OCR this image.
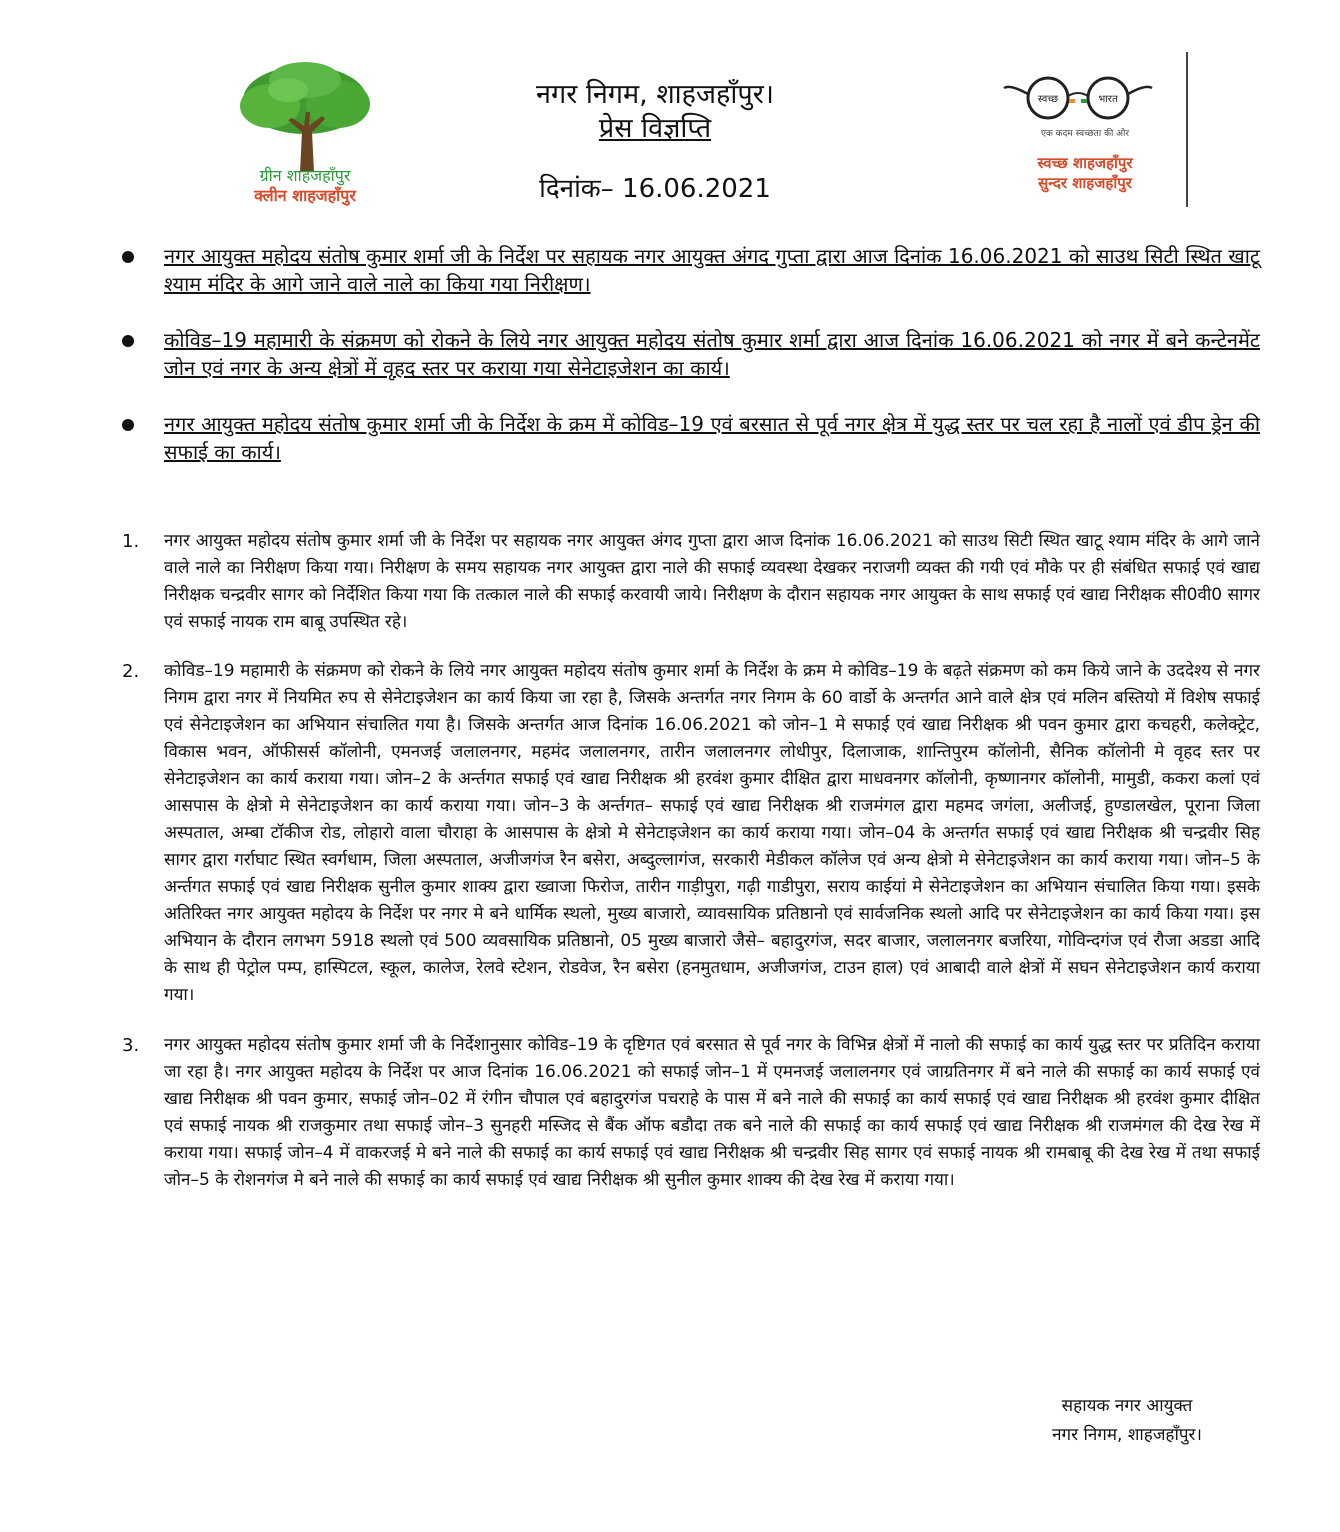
ग्रीन शाहजहाँपुर
क्लीन शाहजहाँपुर
नगर निगम, शाहजहाँपुर।
प्रेस विज्ञप्ति
दिनांक– 16.06.2021
स्वच्छ	भारत
एक कदम स्वच्छता की ओर
स्वच्छ शाहजहाँपुर
सुन्दर शाहजहाँपुर
नगर आयुक्त महोदय संतोष कुमार शर्मा जी के निर्देश पर सहायक नगर आयुक्त अंगद गुप्ता द्वारा आज दिनांक 16.06.2021 को साउथ सिटी स्थित खाटू श्याम मंदिर के आगे जाने वाले नाले का किया गया निरीक्षण।
कोविड–19 महामारी के संक्रमण को रोकने के लिये नगर आयुक्त महोदय संतोष कुमार शर्मा द्वारा आज दिनांक 16.06.2021 को नगर में बने कन्टेनमेंट जोन एवं नगर के अन्य क्षेत्रों में वृहद स्तर पर कराया गया सेनेटाइजेशन का कार्य।
नगर आयुक्त महोदय संतोष कुमार शर्मा जी के निर्देश के क्रम में कोविड–19 एवं बरसात से पूर्व नगर क्षेत्र में युद्ध स्तर पर चल रहा है नालों एवं डीप ड्रेन की सफाई का कार्य।
1. नगर आयुक्त महोदय संतोष कुमार शर्मा जी के निर्देश पर सहायक नगर आयुक्त अंगद गुप्ता द्वारा आज दिनांक 16.06.2021 को साउथ सिटी स्थित खाटू श्याम मंदिर के आगे जाने वाले नाले का निरीक्षण किया गया। निरीक्षण के समय सहायक नगर आयुक्त द्वारा नाले की सफाई व्यवस्था देखकर नराजगी व्यक्त की गयी एवं मौके पर ही संबंधित सफाई एवं खाद्य निरीक्षक चन्द्रवीर सागर को निर्देशित किया गया कि तत्काल नाले की सफाई करवायी जाये। निरीक्षण के दौरान सहायक नगर आयुक्त के साथ सफाई एवं खाद्य निरीक्षक सी0वी0 सागर एवं सफाई नायक राम बाबू उपस्थित रहे।
2. कोविड–19 महामारी के संक्रमण को रोकने के लिये नगर आयुक्त महोदय संतोष कुमार शर्मा के निर्देश के क्रम मे कोविड–19 के बढ़ते संक्रमण को कम किये जाने के उददेश्य से नगर निगम द्वारा नगर में नियमित रुप से सेनेटाइजेशन का कार्य किया जा रहा है, जिसके अन्तर्गत नगर निगम के 60 वार्डो के अन्तर्गत आने वाले क्षेत्र एवं मलिन बस्तियो में विशेष सफाई एवं सेनेटाइजेशन का अभियान संचालित गया है। जिसके अन्तर्गत आज दिनांक 16.06.2021 को जोन–1 मे सफाई एवं खाद्य निरीक्षक श्री पवन कुमार द्वारा कचहरी, कलेक्ट्रेट, विकास भवन, ऑफीसर्स कॉलोनी, एमनजई जलालनगर, महमंद जलालनगर, तारीन जलालनगर लोधीपुर, दिलाजाक, शान्तिपुरम कॉलोनी, सैनिक कॉलोनी मे वृहद स्तर पर सेनेटाइजेशन का कार्य कराया गया। जोन–2 के अर्न्तगत सफाई एवं खाद्य निरीक्षक श्री हरवंश कुमार दीक्षित द्वारा माधवनगर कॉलोनी, कृष्णानगर कॉलोनी, मामुडी, ककरा कलां एवं आसपास के क्षेत्रो मे सेनेटाइजेशन का कार्य कराया गया। जोन–3 के अर्न्तगत– सफाई एवं खाद्य निरीक्षक श्री राजमंगल द्वारा महमद जगंला, अलीजई, हुण्डालखेल, पूराना जिला अस्पताल, अम्बा टॉकीज रोड, लोहारो वाला चौराहा के आसपास के क्षेत्रो मे सेनेटाइजेशन का कार्य कराया गया। जोन–04 के अन्तर्गत सफाई एवं खाद्य निरीक्षक श्री चन्द्रवीर सिह सागर द्वारा गर्राघाट स्थित स्वर्गधाम, जिला अस्पताल, अजीजगंज रैन बसेरा, अब्दुल्लागंज, सरकारी मेडीकल कॉलेज एवं अन्य क्षेत्रो मे सेनेटाइजेशन का कार्य कराया गया। जोन–5 के अर्न्तगत सफाई एवं खाद्य निरीक्षक सुनील कुमार शाक्य द्वारा ख्वाजा फिरोज, तारीन गाड़ीपुरा, गढ़ी गाडीपुरा, सराय काईयां मे सेनेटाइजेशन का अभियान संचालित किया गया। इसके अतिरिक्त नगर आयुक्त महोदय के निर्देश पर नगर मे बने धार्मिक स्थलो, मुख्य बाजारो, व्यावसायिक प्रतिष्ठानो एवं सार्वजनिक स्थलो आदि पर सेनेटाइजेशन का कार्य किया गया। इस अभियान के दौरान लगभग 5918 स्थलो एवं 500 व्यवसायिक प्रतिष्ठानो, 05 मुख्य बाजारो जैसे– बहादुरगंज, सदर बाजार, जलालनगर बजरिया, गोविन्दगंज एवं रौजा अडडा आदि के साथ ही पेट्रोल पम्प, हास्पिटल, स्कूल, कालेज, रेलवे स्टेशन, रोडवेज, रैन बसेरा (हनमुतधाम, अजीजगंज, टाउन हाल) एवं आबादी वाले क्षेत्रों में सघन सेनेटाइजेशन कार्य कराया गया।
3. नगर आयुक्त महोदय संतोष कुमार शर्मा जी के निर्देशानुसार कोविड–19 के दृष्टिगत एवं बरसात से पूर्व नगर के विभिन्न क्षेत्रों में नालो की सफाई का कार्य युद्ध स्तर पर प्रतिदिन कराया जा रहा है। नगर आयुक्त महोदय के निर्देश पर आज दिनांक 16.06.2021 को सफाई जोन–1 में एमनजई जलालनगर एवं जाग्रतिनगर में बने नाले की सफाई का कार्य सफाई एवं खाद्य निरीक्षक श्री पवन कुमार, सफाई जोन–02 में रंगीन चौपाल एवं बहादुरगंज पचराहे के पास में बने नाले की सफाई का कार्य सफाई एवं खाद्य निरीक्षक श्री हरवंश कुमार दीक्षित एवं सफाई नायक श्री राजकुमार तथा सफाई जोन–3 सुनहरी मस्जिद से बैंक ऑफ बडौदा तक बने नाले की सफाई का कार्य सफाई एवं खाद्य निरीक्षक श्री राजमंगल की देख रेख में कराया गया। सफाई जोन–4 में वाकरजई मे बने नाले की सफाई का कार्य सफाई एवं खाद्य निरीक्षक श्री चन्द्रवीर सिह सागर एवं सफाई नायक श्री रामबाबू की देख रेख में तथा सफाई जोन–5 के रोशनगंज मे बने नाले की सफाई का कार्य सफाई एवं खाद्य निरीक्षक श्री सुनील कुमार शाक्य की देख रेख में कराया गया।
सहायक नगर आयुक्त
नगर निगम, शाहजहाँपुर।
